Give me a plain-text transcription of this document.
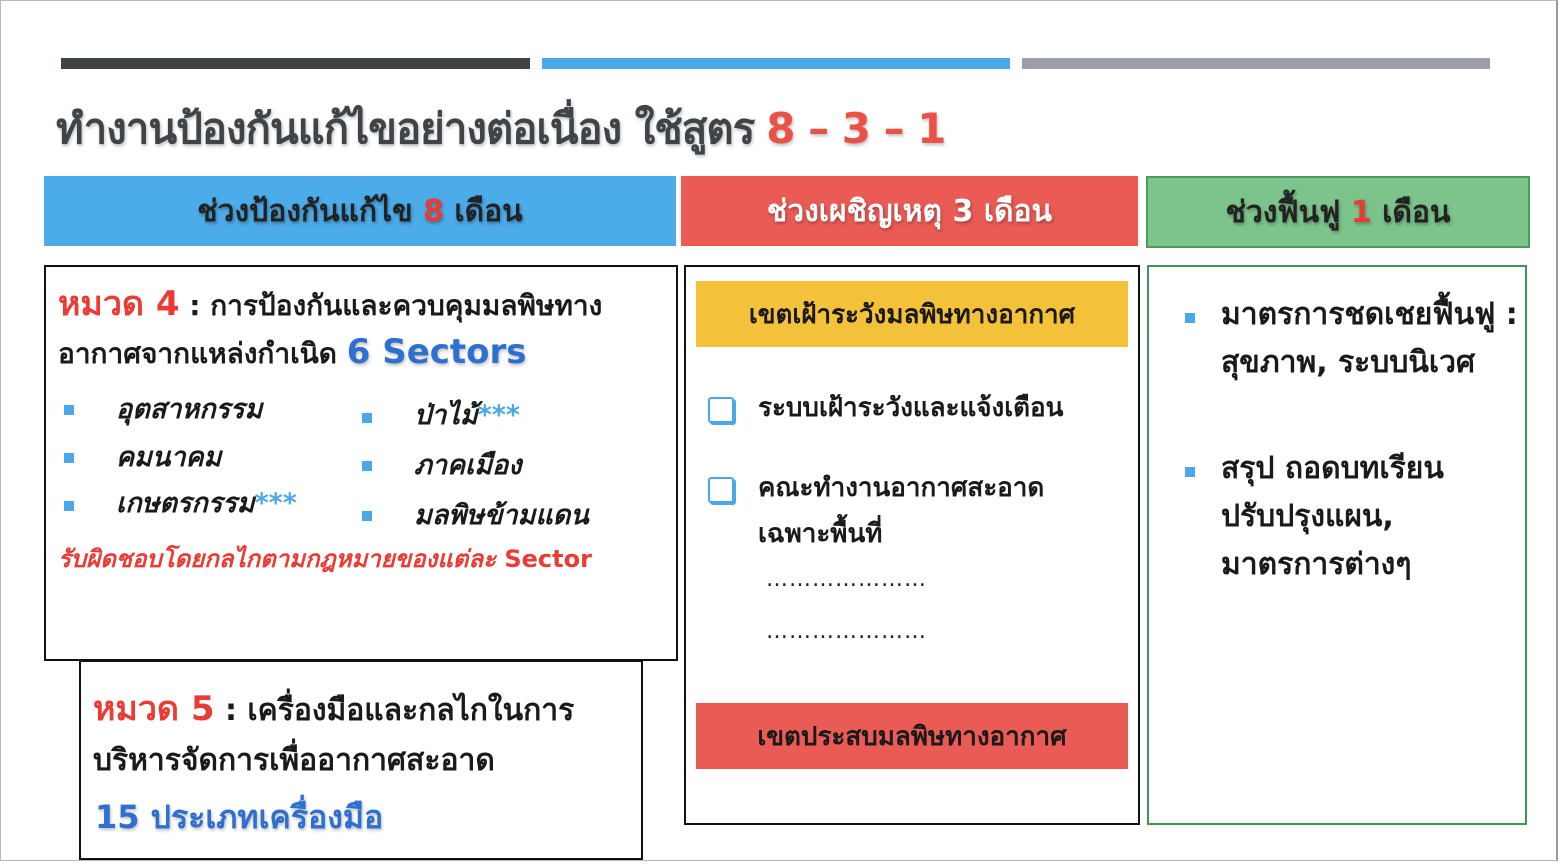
ทำงานป้องกันแก้ไขอย่างต่อเนื่อง ใช้สูตร 8 – 3 – 1
ช่วงป้องกันแก้ไข
8
เดือน	ช่วงเผชิญเหตุ 3 เดือน	ช่วงฟื้นฟู
1
เดือน
หมวด 4 : การป้องกันและควบคุมมลพิษทางอากาศจากแหล่งกำเนิด 6 Sectors
อุตสาหกรรม
คมนาคม
เกษตรกรรม***
ป่าไม้***
ภาคเมือง
มลพิษข้ามแดน
รับผิดชอบโดยกลไกตามกฎหมายของแต่ละ Sector
หมวด 5 : เครื่องมือและกลไกในการบริหารจัดการเพื่ออากาศสะอาด
15 ประเภทเครื่องมือ
เขตเฝ้าระวังมลพิษทางอากาศ
ระบบเฝ้าระวังและแจ้งเตือน
คณะทำงานอากาศสะอาด
เฉพาะพื้นที่
…………………
…………………
เขตประสบมลพิษทางอากาศ
มาตรการชดเชยฟื้นฟู : สุขภาพ, ระบบนิเวศ
สรุป ถอดบทเรียน ปรับปรุงแผน, มาตรการต่างๆ
